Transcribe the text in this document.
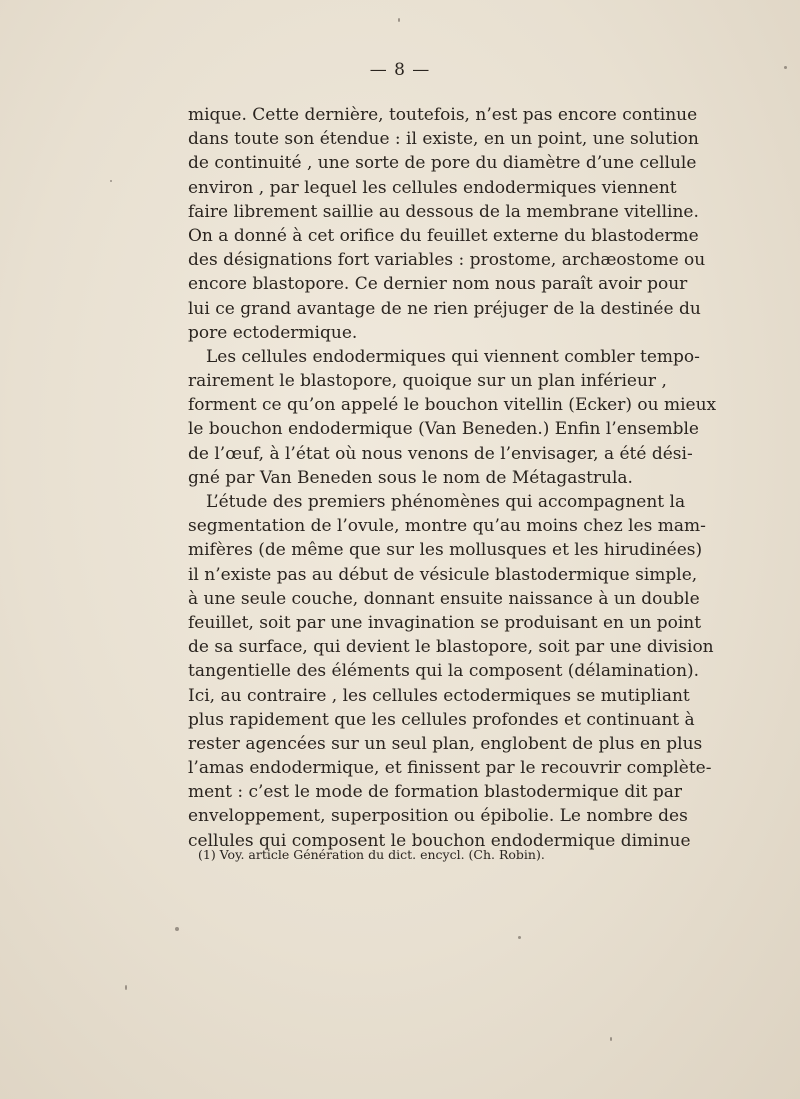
— 8 —
mique. Cette dernière, toutefois, n’est pas encore continue
dans toute son étendue : il existe, en un point, une solution
de continuité , une sorte de pore du diamètre d’une cellule
environ , par lequel les cellules endodermiques viennent
faire librement saillie au dessous de la membrane vitelline.
On a donné à cet orifice du feuillet externe du blastoderme
des désignations fort variables : prostome, archæostome ou
encore blastopore. Ce dernier nom nous paraît avoir pour
lui ce grand avantage de ne rien préjuger de la destinée du
pore ectodermique.
Les cellules endodermiques qui viennent combler tempo-
rairement le blastopore, quoique sur un plan inférieur ,
forment ce qu’on appelé le bouchon vitellin (Ecker) ou mieux
le bouchon endodermique (Van Beneden.) Enfin l’ensemble
de l’œuf, à l’état où nous venons de l’envisager, a été dési-
gné par Van Beneden sous le nom de Métagastrula.
L’étude des premiers phénomènes qui accompagnent la
segmentation de l’ovule, montre qu’au moins chez les mam-
mifères (de même que sur les mollusques et les hirudinées)
il n’existe pas au début de vésicule blastodermique simple,
à une seule couche, donnant ensuite naissance à un double
feuillet, soit par une invagination se produisant en un point
de sa surface, qui devient le blastopore, soit par une division
tangentielle des éléments qui la composent (délamination).
Ici, au contraire , les cellules ectodermiques se mutipliant
plus rapidement que les cellules profondes et continuant à
rester agencées sur un seul plan, englobent de plus en plus
l’amas endodermique, et finissent par le recouvrir complète-
ment : c’est le mode de formation blastodermique dit par
enveloppement, superposition ou épibolie. Le nombre des
cellules qui composent le bouchon endodermique diminue
(1) Voy. article Génération du dict. encycl. (Ch. Robin).
